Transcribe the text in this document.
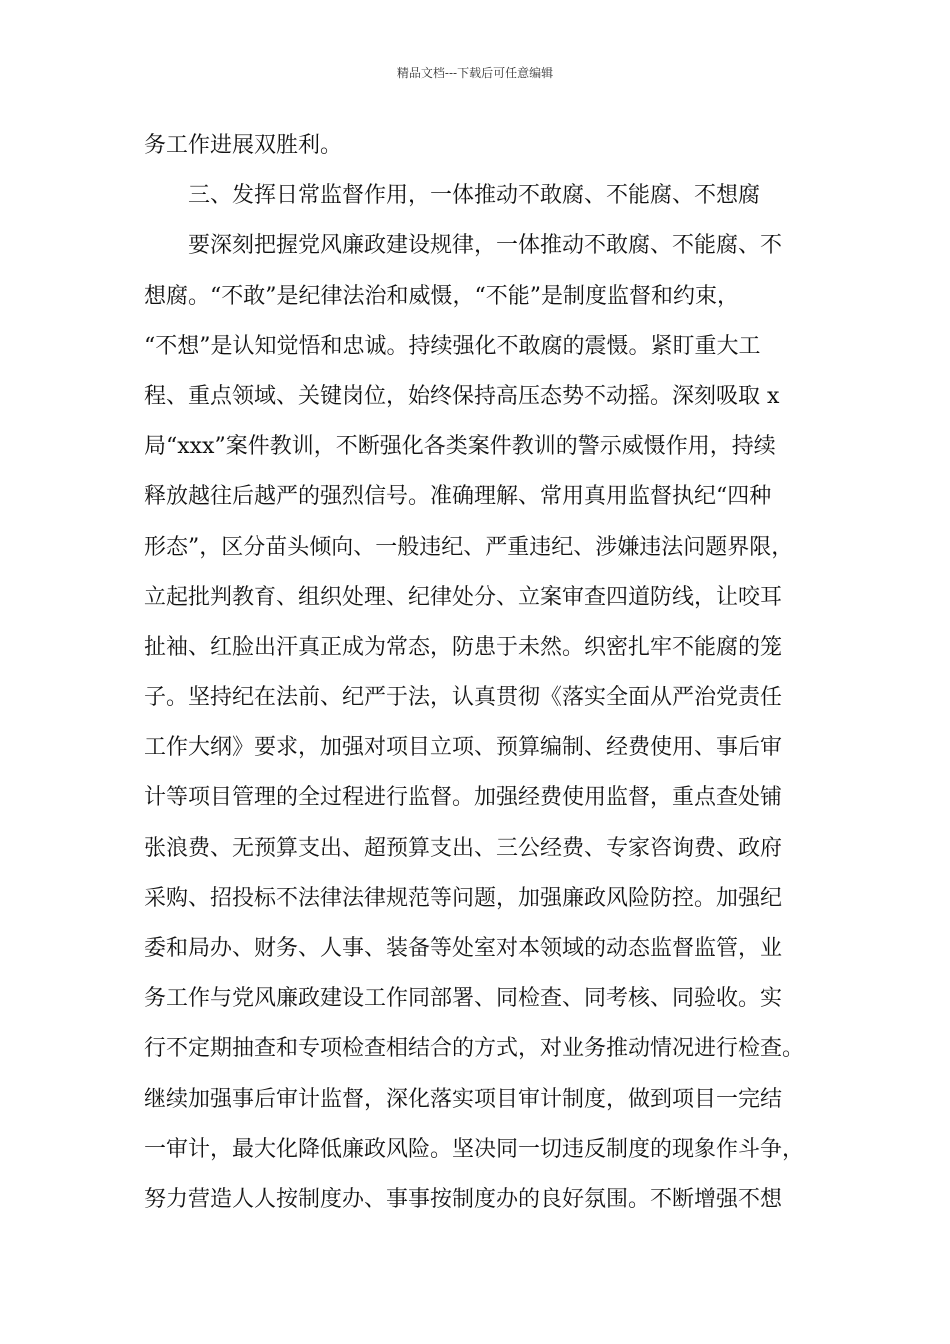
精品文档---下载后可任意编辑
务工作进展双胜利。
三、发挥日常监督作用，一体推动不敢腐、不能腐、不想腐
要深刻把握党风廉政建设规律，一体推动不敢腐、不能腐、不
想腐。“不敢”是纪律法治和威慑，“不能”是制度监督和约束，
“不想”是认知觉悟和忠诚。持续强化不敢腐的震慑。紧盯重大工
程、重点领域、关键岗位，始终保持高压态势不动摇。深刻吸取 x
局“xxx”案件教训，不断强化各类案件教训的警示威慑作用，持续
释放越往后越严的强烈信号。准确理解、常用真用监督执纪“四种
形态”，区分苗头倾向、一般违纪、严重违纪、涉嫌违法问题界限，
立起批判教育、组织处理、纪律处分、立案审查四道防线，让咬耳
扯袖、红脸出汗真正成为常态，防患于未然。织密扎牢不能腐的笼
子。坚持纪在法前、纪严于法，认真贯彻《落实全面从严治党责任
工作大纲》要求，加强对项目立项、预算编制、经费使用、事后审
计等项目管理的全过程进行监督。加强经费使用监督，重点查处铺
张浪费、无预算支出、超预算支出、三公经费、专家咨询费、政府
采购、招投标不法律法律规范等问题，加强廉政风险防控。加强纪
委和局办、财务、人事、装备等处室对本领域的动态监督监管，业
务工作与党风廉政建设工作同部署、同检查、同考核、同验收。实
行不定期抽查和专项检查相结合的方式，对业务推动情况进行检查。
继续加强事后审计监督，深化落实项目审计制度，做到项目一完结
一审计，最大化降低廉政风险。坚决同一切违反制度的现象作斗争，
努力营造人人按制度办、事事按制度办的良好氛围。不断增强不想
